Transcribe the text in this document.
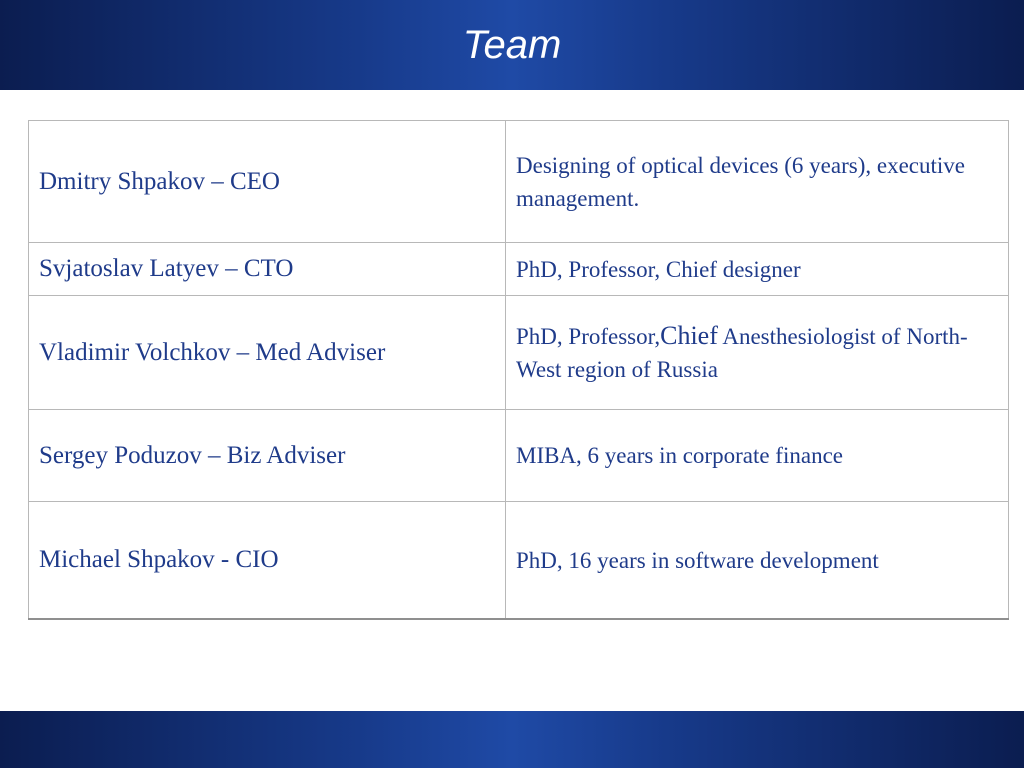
Team
Dmitry Shpakov – CEO	Designing of optical devices (6 years), executive management.
Svjatoslav Latyev – CTO	PhD, Professor, Chief designer
Vladimir Volchkov – Med Adviser	PhD, Professor,Chief Anesthesiologist of North-West region of Russia
Sergey Poduzov – Biz Adviser	MIBA, 6 years in corporate finance
Michael Shpakov - CIO	PhD, 16 years in software development
